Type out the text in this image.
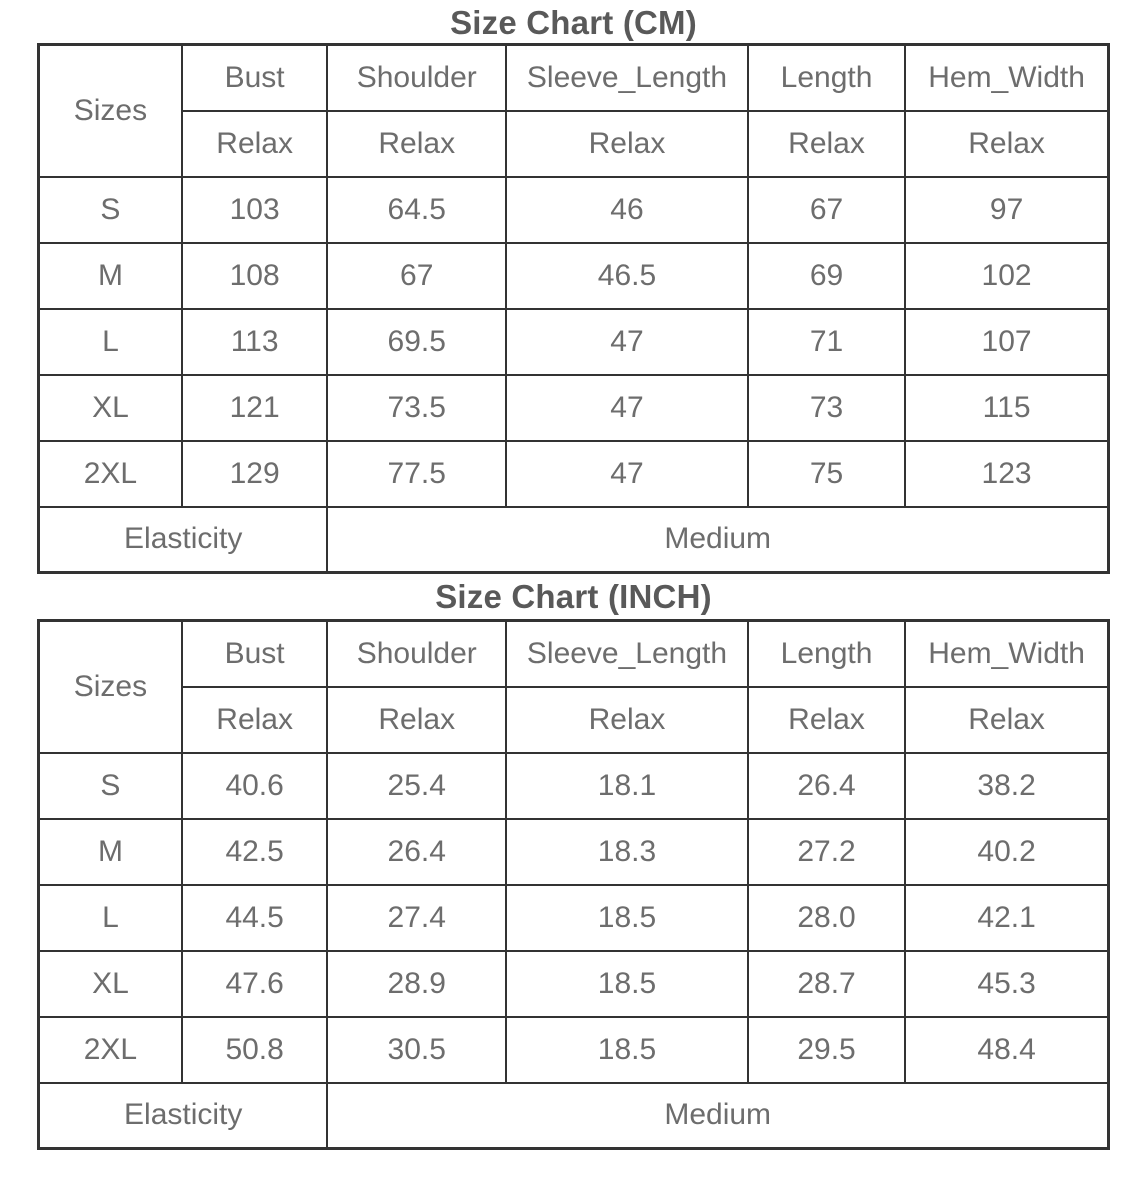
Size Chart (CM)
Sizes	Bust	Shoulder	Sleeve_Length	Length	Hem_Width
	Relax	Relax	Relax	Relax	Relax
S	103	64.5	46	67	97
M	108	67	46.5	69	102
L	113	69.5	47	71	107
XL	121	73.5	47	73	115
2XL	129	77.5	47	75	123
Elasticity		Medium			
Size Chart (INCH)
Sizes	Bust	Shoulder	Sleeve_Length	Length	Hem_Width
	Relax	Relax	Relax	Relax	Relax
S	40.6	25.4	18.1	26.4	38.2
M	42.5	26.4	18.3	27.2	40.2
L	44.5	27.4	18.5	28.0	42.1
XL	47.6	28.9	18.5	28.7	45.3
2XL	50.8	30.5	18.5	29.5	48.4
Elasticity		Medium			
